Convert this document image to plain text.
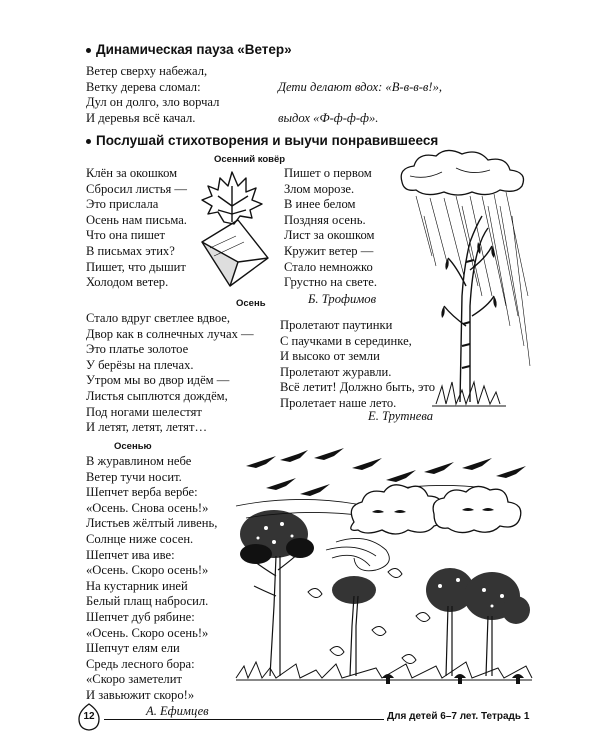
Динамическая пауза «Ветер»
Ветер сверху набежал,
Ветку дерева сломал:
Дул он долго, зло ворчал
И деревья всё качал.
Дети делают вдох: «В-в-в-в!»,
выдох «Ф-ф-ф-ф».
Послушай стихотворения и выучи понравившееся
Осенний ковёр
Клён за окошком
Сбросил листья —
Это прислала
Осень нам письма.
Что она пишет
В письмах этих?
Пишет, что дышит
Холодом ветер.
Пишет о первом
Злом морозе.
В инее белом
Поздняя осень.
Лист за окошком
Кружит ветер —
Стало немножко
Грустно на свете.
Б. Трофимов
Осень
Стало вдруг светлее вдвое,
Двор как в солнечных лучах —
Это платье золотое
У берёзы на плечах.
Утром мы во двор идём —
Листья сыплются дождём,
Под ногами шелестят
И летят, летят, летят…
Пролетают паутинки
С паучками в серединке,
И высоко от земли
Пролетают журавли.
Всё летит! Должно быть, это
Пролетает наше лето.
Е. Трутнева
Осенью
В журавлином небе
Ветер тучи носит.
Шепчет верба вербе:
«Осень. Снова осень!»
Листьев жёлтый ливень,
Солнце ниже сосен.
Шепчет ива иве:
«Осень. Скоро осень!»
На кустарник иней
Белый плащ набросил.
Шепчет дуб рябине:
«Осень. Скоро осень!»
Шепчут елям ели
Средь лесного бора:
«Скоро заметелит
И завьюжит скоро!»
А. Ефимцев
12	Для детей 6–7 лет. Тетрадь 1
